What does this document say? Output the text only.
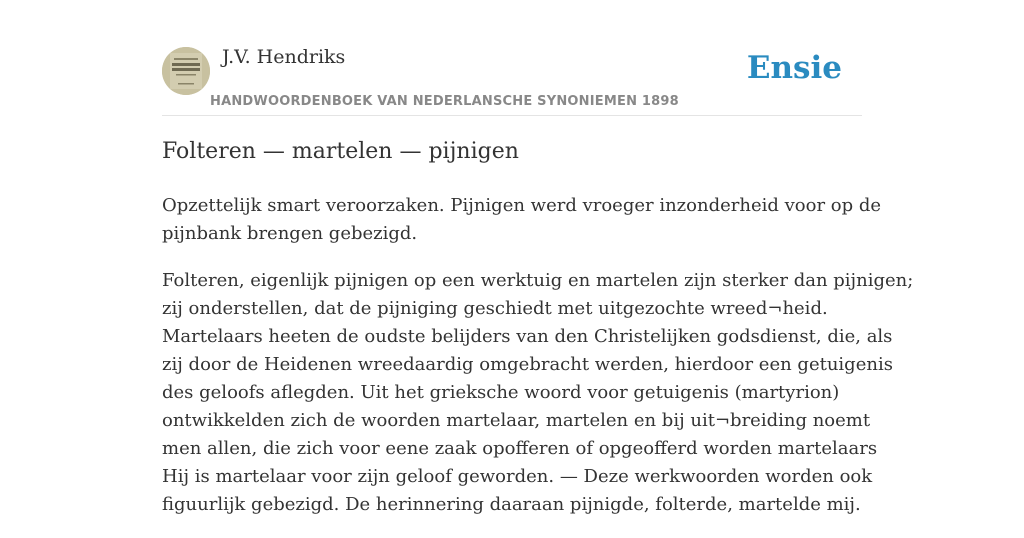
J.V. Hendriks
HANDWOORDENBOEK VAN NEDERLANSCHE SYNONIEMEN 1898
Ensie
Folteren — martelen — pijnigen

Opzettelijk smart veroorzaken. Pijnigen werd vroeger inzonderheid voor op de
pijnbank brengen gebezigd.

Folteren, eigenlijk pijnigen op een werktuig en martelen zijn sterker dan pijnigen;
zij onderstellen, dat de pijniging geschiedt met uitgezochte wreed¬heid.
Martelaars heeten de oudste belijders van den Christelijken godsdienst, die, als
zij door de Heidenen wreedaardig omgebracht werden, hierdoor een getuigenis
des geloofs aflegden. Uit het grieksche woord voor getuigenis (martyrion)
ontwikkelden zich de woorden martelaar, martelen en bij uit¬breiding noemt
men allen, die zich voor eene zaak opofferen of opgeofferd worden martelaars
Hij is martelaar voor zijn geloof geworden. — Deze werkwoorden worden ook
figuurlijk gebezigd. De herinnering daaraan pijnigde, folterde, martelde mij.
